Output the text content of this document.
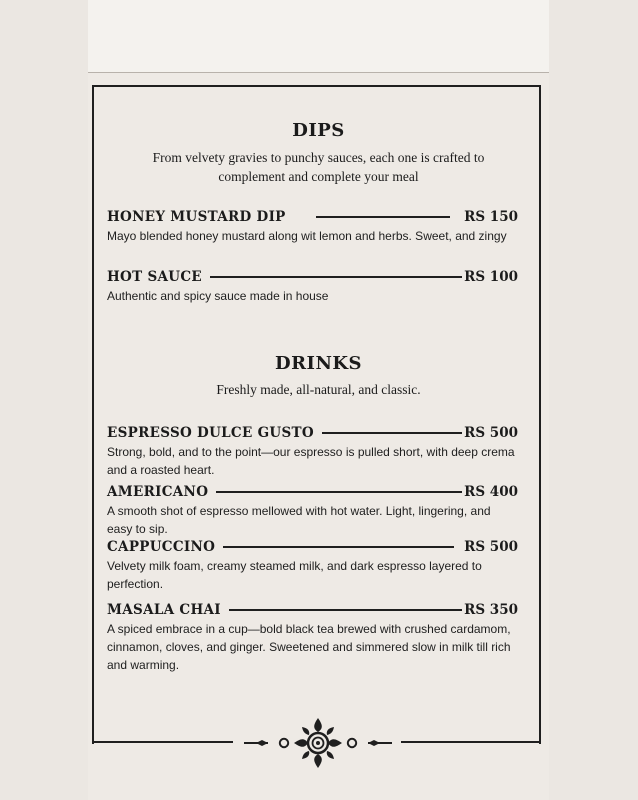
DIPS
From velvety gravies to punchy sauces, each one is crafted to complement and complete your meal
HONEY MUSTARD DIP	RS 150
Mayo blended honey mustard along wit lemon and herbs. Sweet, and zingy
HOT SAUCE	RS 100
Authentic and spicy sauce made in house
DRINKS
Freshly made, all-natural, and classic.
ESPRESSO DULCE GUSTO	RS 500
Strong, bold, and to the point—our espresso is pulled short, with deep crema and a roasted heart.
AMERICANO	RS 400
A smooth shot of espresso mellowed with hot water. Light, lingering, and easy to sip.
CAPPUCCINO	RS 500
Velvety milk foam, creamy steamed milk, and dark espresso layered to perfection.
MASALA CHAI	RS 350
A spiced embrace in a cup—bold black tea brewed with crushed cardamom, cinnamon, cloves, and ginger. Sweetened and simmered slow in milk till rich and warming.
